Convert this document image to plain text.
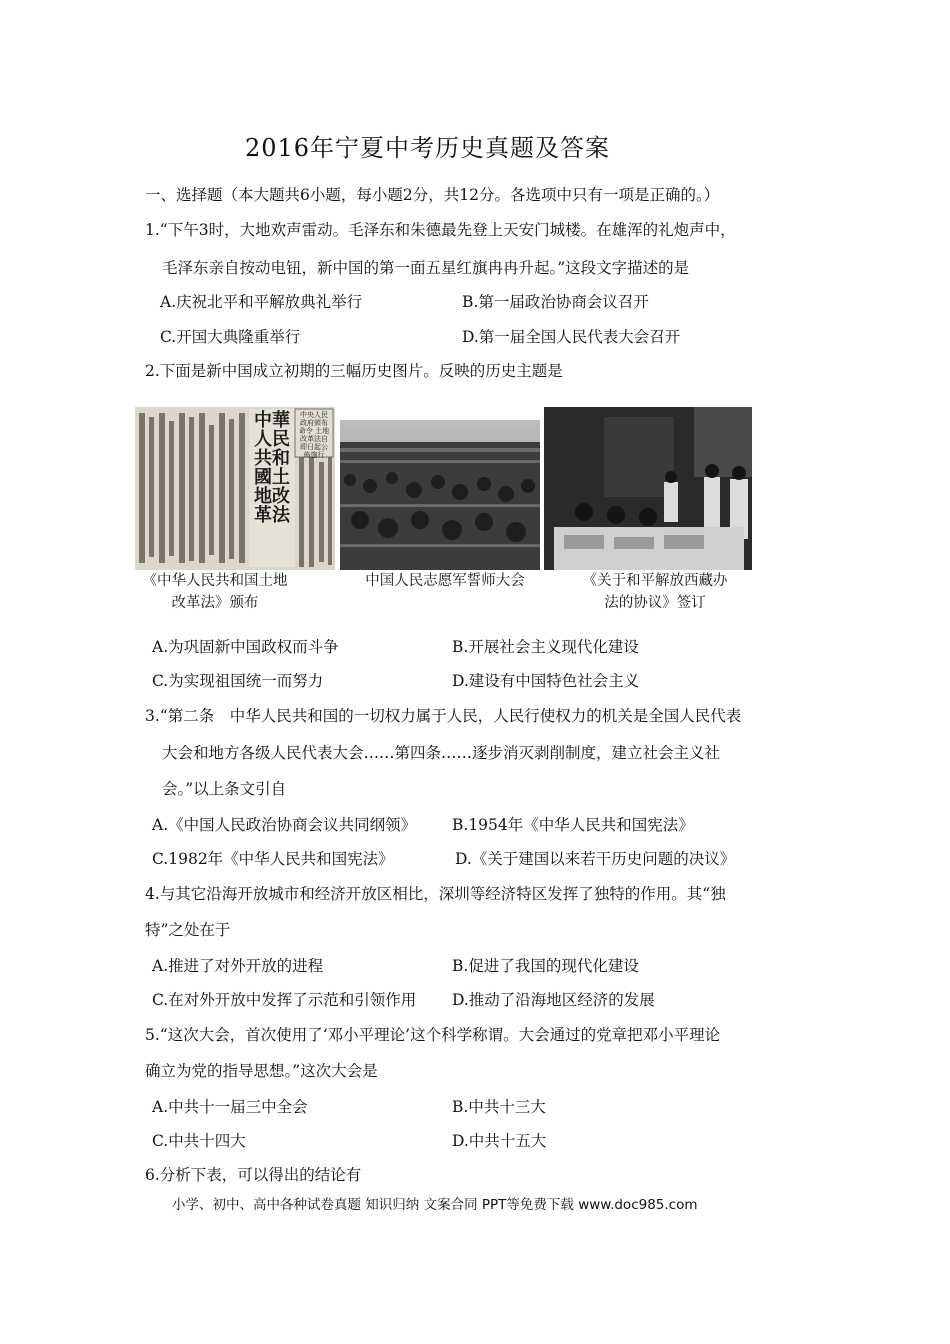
2016年宁夏中考历史真题及答案
一、选择题（本大题共6小题，每小题2分，共12分。各选项中只有一项是正确的。）
1.“下午3时，大地欢声雷动。毛泽东和朱德最先登上天安门城楼。在雄浑的礼炮声中，
毛泽东亲自按动电钮，新中国的第一面五星红旗冉冉升起。”这段文字描述的是
A.庆祝北平和平解放典礼举行	B.第一届政治协商会议召开
C.开国大典隆重举行	D.第一届全国人民代表大会召开
2.下面是新中国成立初期的三幅历史图片。反映的历史主题是
中華人民共和國土地改革法
中央人民政府頒布命令 土地改革法自即日起公佈施行
《中华人民共和国土地改革法》颁布
中国人民志愿军誓师大会	《关于和平解放西藏办法的协议》签订
A.为巩固新中国政权而斗争	B.开展社会主义现代化建设
C.为实现祖国统一而努力	D.建设有中国特色社会主义
3.“第二条　中华人民共和国的一切权力属于人民，人民行使权力的机关是全国人民代表
大会和地方各级人民代表大会……第四条……逐步消灭剥削制度，建立社会主义社
会。”以上条文引自
A.《中国人民政治协商会议共同纲领》 B.1954年《中华人民共和国宪法》
C.1982年《中华人民共和国宪法》	D.《关于建国以来若干历史问题的决议》
4.与其它沿海开放城市和经济开放区相比，深圳等经济特区发挥了独特的作用。其“独
特”之处在于
A.推进了对外开放的进程	B.促进了我国的现代化建设
C.在对外开放中发挥了示范和引领作用 D.推动了沿海地区经济的发展
5.“这次大会，首次使用了‘邓小平理论’这个科学称谓。大会通过的党章把邓小平理论
确立为党的指导思想。”这次大会是
A.中共十一届三中全会	B.中共十三大
C.中共十四大	D.中共十五大
6.分析下表，可以得出的结论有
小学、初中、高中各种试卷真题 知识归纳 文案合同 PPT等免费下载 www.doc985.com
